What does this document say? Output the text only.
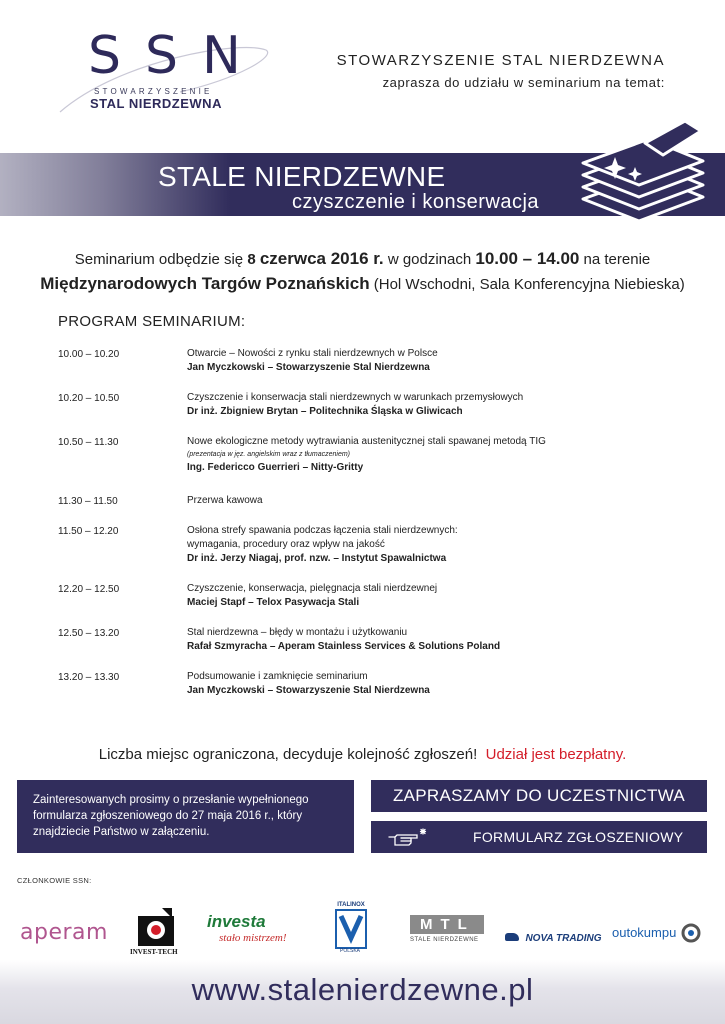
SSN
STOWARZYSZENIE
STAL NIERDZEWNA
STOWARZYSZENIE STAL NIERDZEWNA
zaprasza do udziału w seminarium na temat:
STALE NIERDZEWNE
czyszczenie i konserwacja
Seminarium odbędzie się 8 czerwca 2016 r. w godzinach 10.00 – 14.00 na terenie
Międzynarodowych Targów Poznańskich (Hol Wschodni, Sala Konferencyjna Niebieska)
PROGRAM SEMINARIUM:
10.00 – 10.20	Otwarcie – Nowości z rynku stali nierdzewnych w Polsce
Jan Myczkowski – Stowarzyszenie Stal Nierdzewna
10.20 – 10.50	Czyszczenie i konserwacja stali nierdzewnych w warunkach przemysłowych
Dr inż. Zbigniew Brytan – Politechnika Śląska w Gliwicach
10.50 – 11.30	Nowe ekologiczne metody wytrawiania austenitycznej stali spawanej metodą TIG
(prezentacja w jęz. angielskim wraz z tłumaczeniem)
Ing. Federicco Guerrieri – Nitty-Gritty
11.30 – 11.50	Przerwa kawowa
11.50 – 12.20	Osłona strefy spawania podczas łączenia stali nierdzewnych:
wymagania, procedury oraz wpływ na jakość
Dr inż. Jerzy Niagaj, prof. nzw. – Instytut Spawalnictwa
12.20 – 12.50	Czyszczenie, konserwacja, pielęgnacja stali nierdzewnej
Maciej Stapf – Telox Pasywacja Stali
12.50 – 13.20	Stal nierdzewna – błędy w montażu i użytkowaniu
Rafał Szmyracha – Aperam Stainless Services & Solutions Poland
13.20 – 13.30	Podsumowanie i zamknięcie seminarium
Jan Myczkowski – Stowarzyszenie Stal Nierdzewna
Liczba miejsc ograniczona, decyduje kolejność zgłoszeń! Udział jest bezpłatny.
Zainteresowanych prosimy o przesłanie wypełnionego formularza zgłoszeniowego do 27 maja 2016 r., który znajdziecie Państwo w załączeniu.
ZAPRASZAMY DO UCZESTNICTWA
FORMULARZ ZGŁOSZENIOWY
CZŁONKOWIE SSN:
aperam
INVEST-TECH
investa
stało mistrzem!
ITALINOX
POLSKA
MTL
STALE NIERDZEWNE	NOVA TRADING outokumpu
www.stalenierdzewne.pl
